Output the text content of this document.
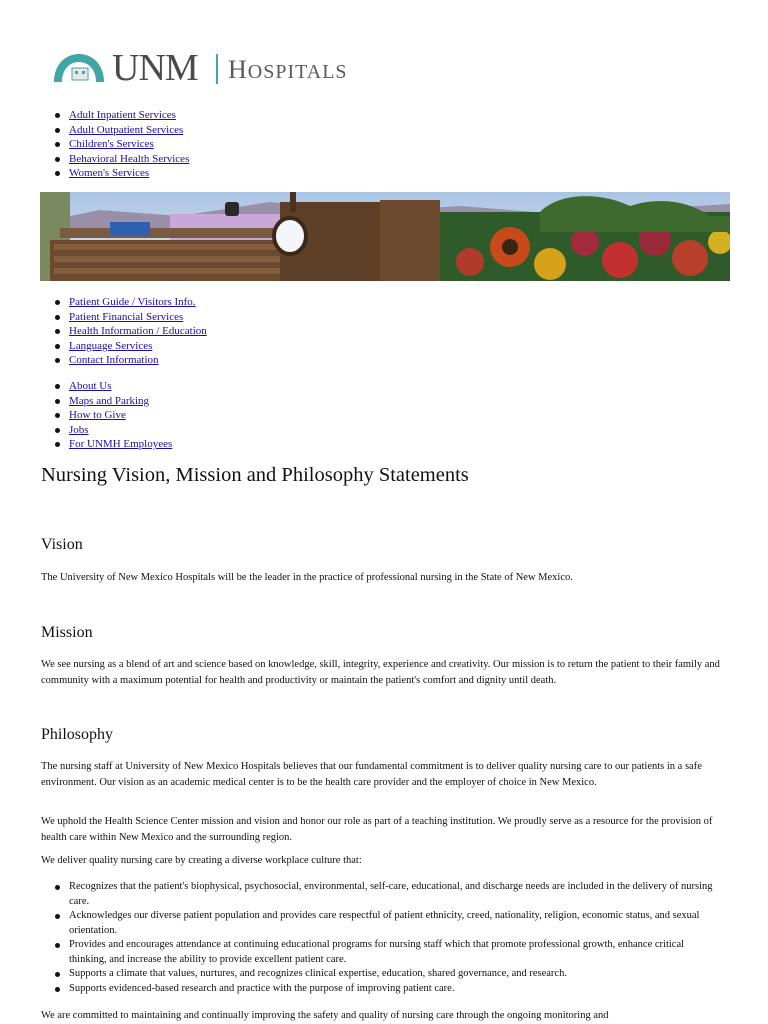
UNM HOSPITALS
Adult Inpatient Services
Adult Outpatient Services
Children's Services
Behavioral Health Services
Women's Services
Patient Guide / Visitors Info.
Patient Financial Services
Health Information / Education
Language Services
Contact Information
About Us
Maps and Parking
How to Give
Jobs
For UNMH Employees
Nursing Vision, Mission and Philosophy Statements
Vision

The University of New Mexico Hospitals will be the leader in the practice of professional nursing in the State of New Mexico.

Mission

We see nursing as a blend of art and science based on knowledge, skill, integrity, experience and creativity. Our mission is to return the patient to their family and community with a maximum potential for health and productivity or maintain the patient's comfort and dignity until death.

Philosophy

The nursing staff at University of New Mexico Hospitals believes that our fundamental commitment is to deliver quality nursing care to our patients in a safe environment. Our vision as an academic medical center is to be the health care provider and the employer of choice in New Mexico.

We uphold the Health Science Center mission and vision and honor our role as part of a teaching institution. We proudly serve as a resource for the provision of health care within New Mexico and the surrounding region.

We deliver quality nursing care by creating a diverse workplace culture that:

Recognizes that the patient's biophysical, psychosocial, environmental, self-care, educational, and discharge needs are included in the delivery of nursing care.
Acknowledges our diverse patient population and provides care respectful of patient ethnicity, creed, nationality, religion, economic status, and sexual orientation.
Provides and encourages attendance at continuing educational programs for nursing staff which that promote professional growth, enhance critical thinking, and increase the ability to provide excellent patient care.
Supports a climate that values, nurtures, and recognizes clinical expertise, education, shared governance, and research.
Supports evidenced-based research and practice with the purpose of improving patient care.

We are committed to maintaining and continually improving the safety and quality of nursing care through the ongoing monitoring and
